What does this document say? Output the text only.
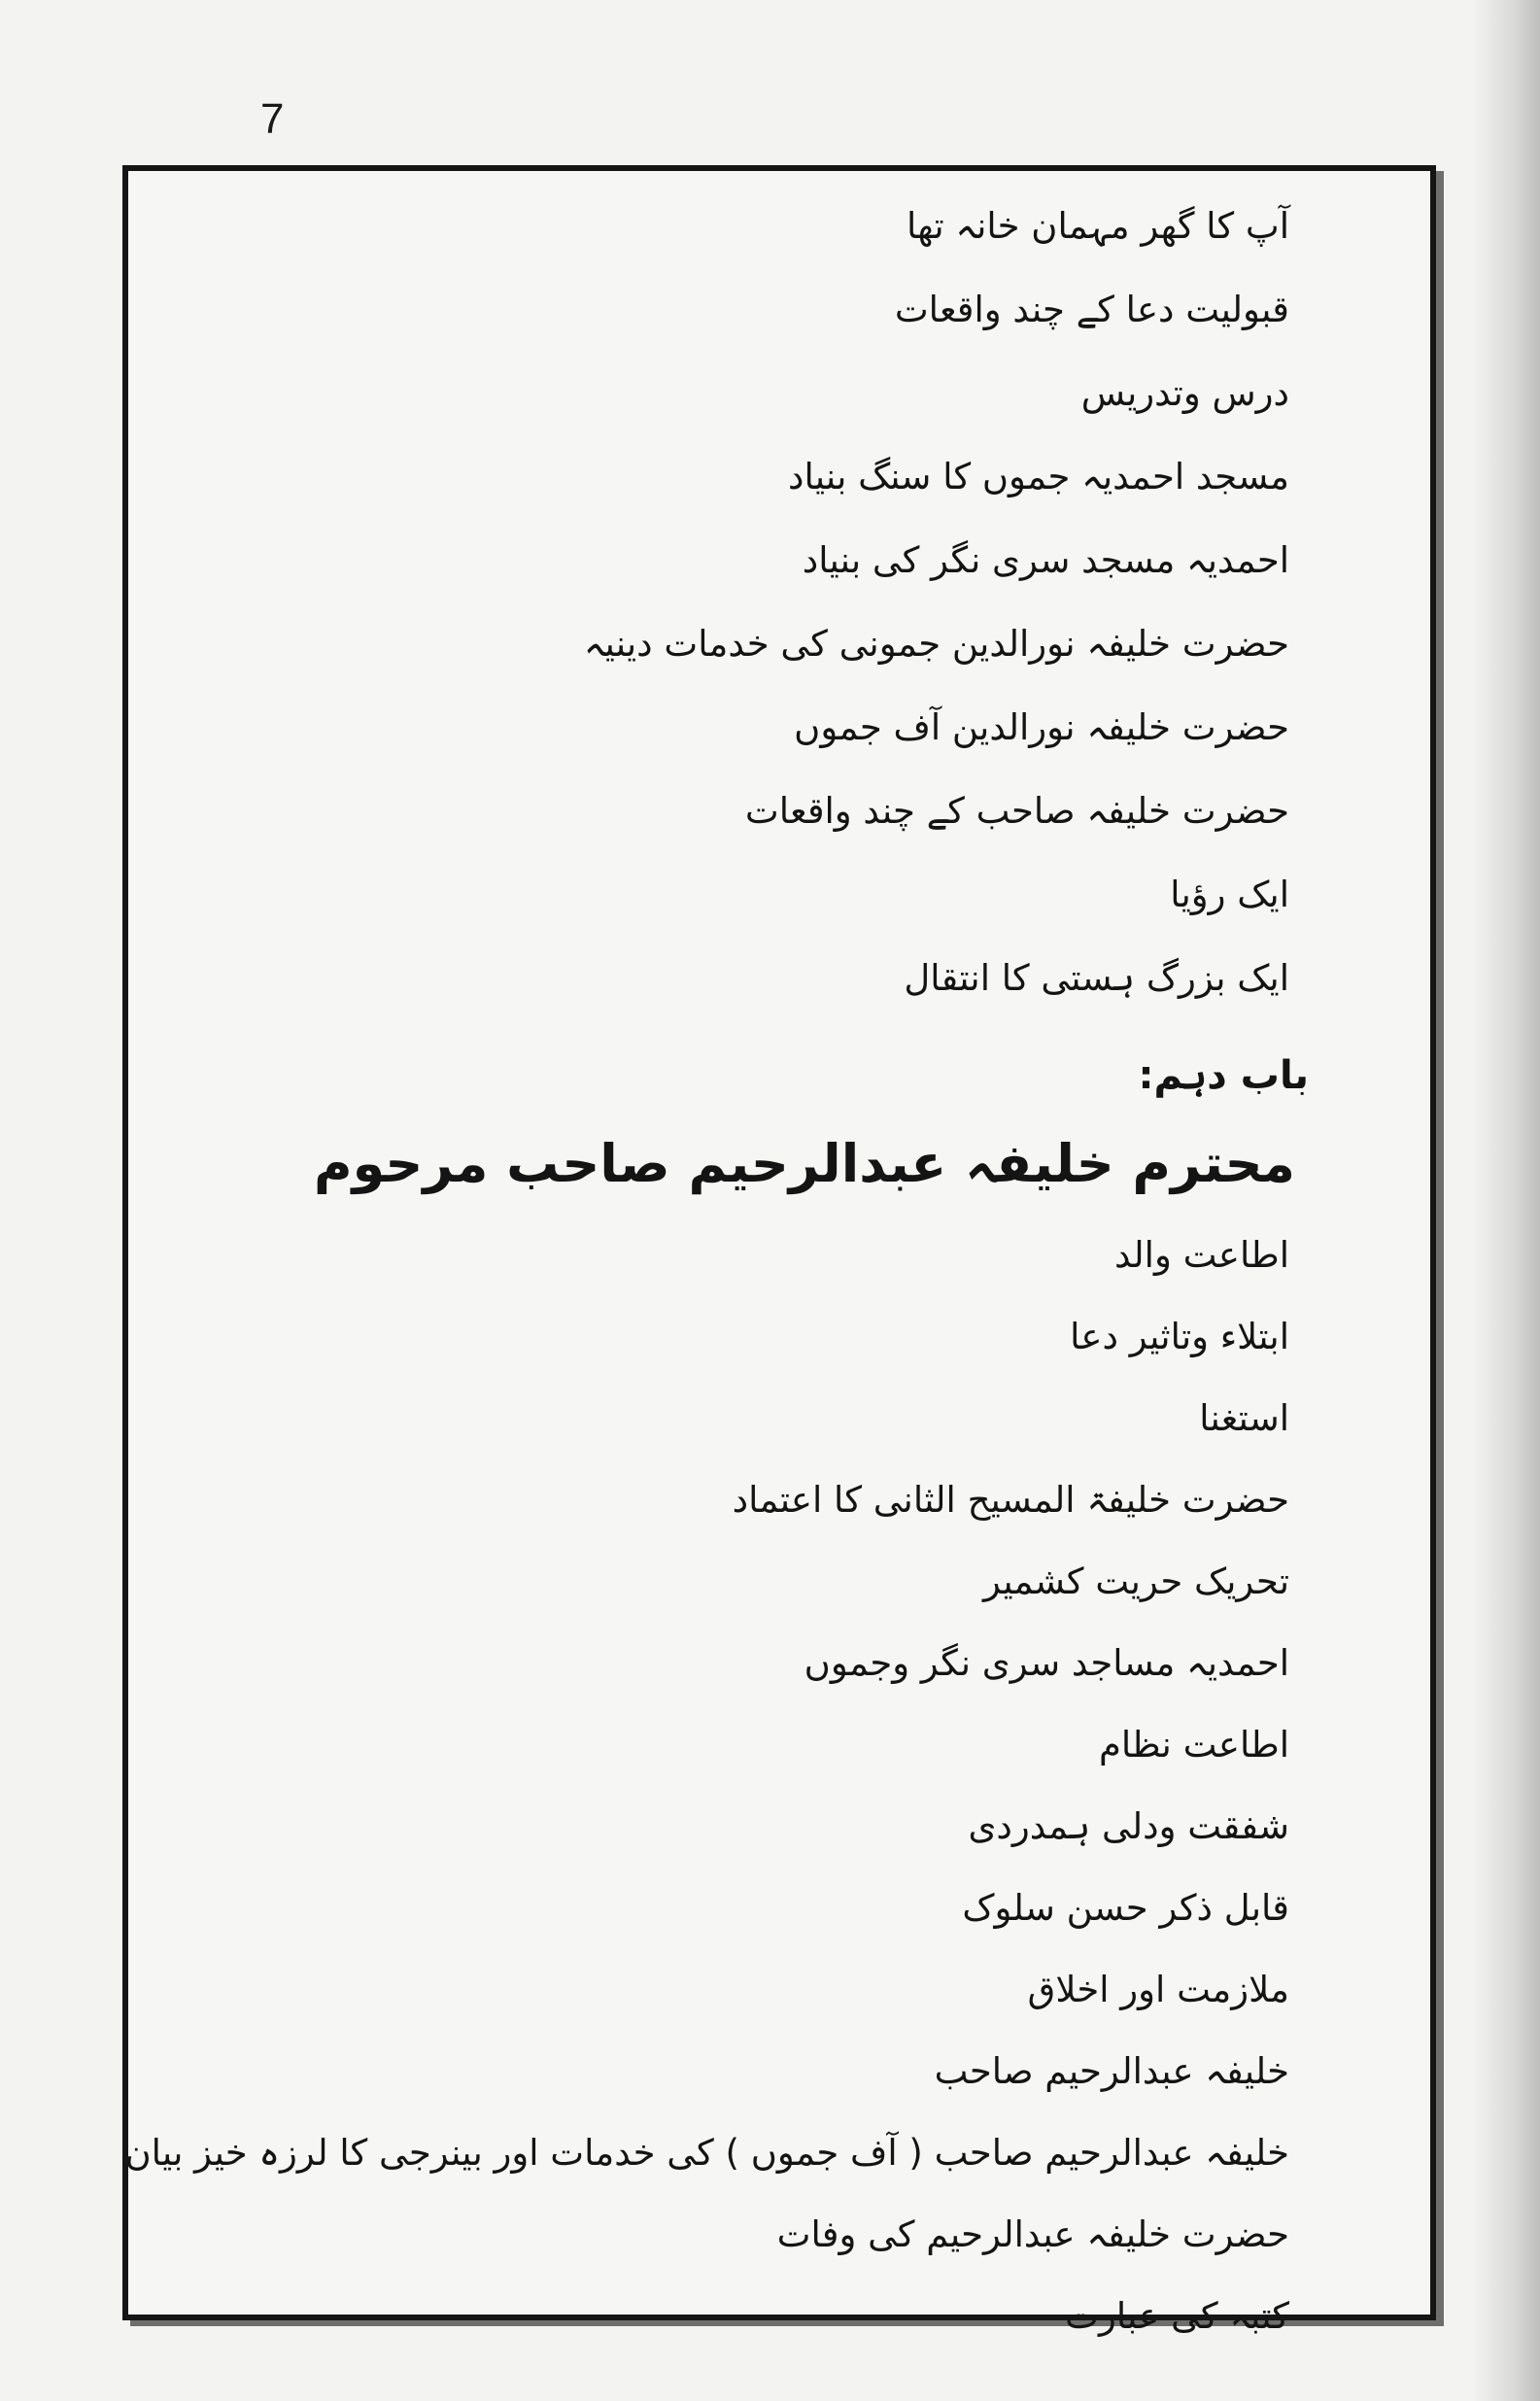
7
آپ کا گھر مہمان خانہ تھا
قبولیت دعا کے چند واقعات
درس وتدریس
مسجد احمدیہ جموں کا سنگ بنیاد
احمدیہ مسجد سری نگر کی بنیاد
حضرت خلیفہ نورالدین جمونی کی خدمات دینیہ
حضرت خلیفہ نورالدین آف جموں
حضرت خلیفہ صاحب کے چند واقعات
ایک رؤیا
ایک بزرگ ہستی کا انتقال
باب دہم:
محترم خلیفہ عبدالرحیم صاحب مرحوم
اطاعت والد
ابتلاء وتاثیر دعا
استغنا
حضرت خلیفۃ المسیح الثانی کا اعتماد
تحریک حریت کشمیر
احمدیہ مساجد سری نگر وجموں
اطاعت نظام
شفقت ودلی ہمدردی
قابل ذکر حسن سلوک
ملازمت اور اخلاق
خلیفہ عبدالرحیم صاحب
خلیفہ عبدالرحیم صاحب ( آف جموں ) کی خدمات اور بینرجی کا لرزہ خیز بیان
حضرت خلیفہ عبدالرحیم کی وفات
کتبہ کی عبارت
